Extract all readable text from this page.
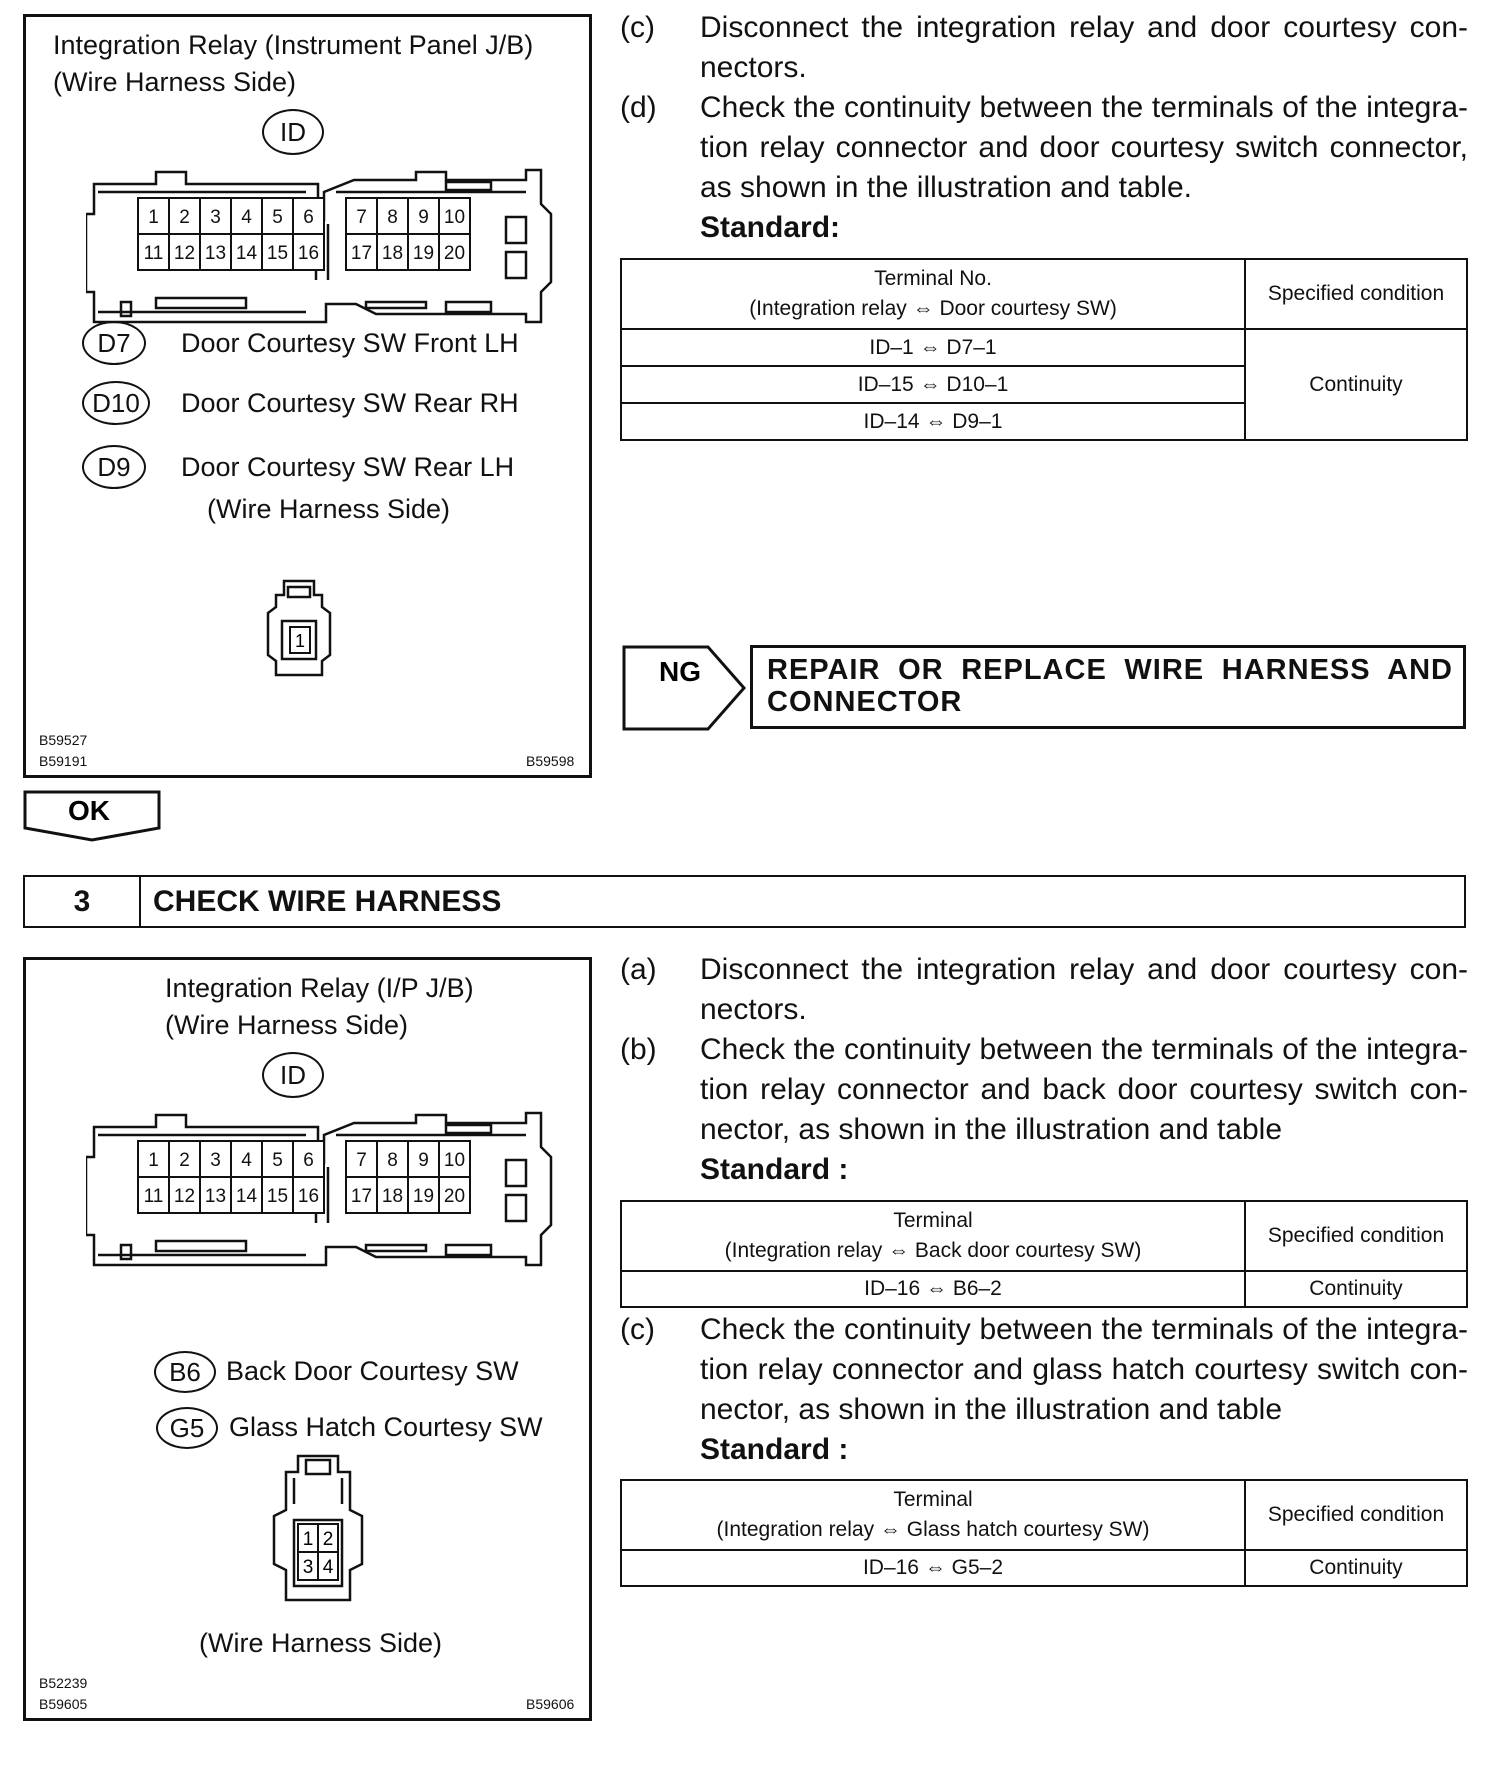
Integration Relay (Instrument Panel J/B)
(Wire Harness Side)
ID
1 2 3 4 5 6 7 8 9 10
11 12 13 14 15 16 17 18 19 20
D7	Door Courtesy SW Front LH
D10	Door Courtesy SW Rear RH
D9	Door Courtesy SW Rear LH
(Wire Harness Side)
1
B59527
B59191	B59598
(c) Disconnect the integration relay and door courtesy connectors.
(d) Check the continuity between the terminals of the integration relay connector and door courtesy switch connector, as shown in the illustration and table.
Standard:
Terminal No.
(Integration relay ⇔ Door courtesy SW)	Specified condition
ID–1 ⇔ D7–1	Continuity
ID–15 ⇔ D10–1	
ID–14 ⇔ D9–1	
NG REPAIR OR REPLACE WIRE HARNESS AND CONNECTOR
OK
3	CHECK WIRE HARNESS
Integration Relay (I/P J/B)
(Wire Harness Side)
ID
1 2 3 4 5 6 7 8 9 10
11 12 13 14 15 16 17 18 19 20
B6 Back Door Courtesy SW
G5 Glass Hatch Courtesy SW
1 2
3 4
(Wire Harness Side)
B52239
B59605	B59606
(a) Disconnect the integration relay and door courtesy connectors.
(b) Check the continuity between the terminals of the integration relay connector and back door courtesy switch connector, as shown in the illustration and table
Standard :
Terminal
(Integration relay ⇔ Back door courtesy SW)	Specified condition
ID–16 ⇔ B6–2	Continuity
(c) Check the continuity between the terminals of the integration relay connector and glass hatch courtesy switch connector, as shown in the illustration and table
Standard :
Terminal
(Integration relay ⇔ Glass hatch courtesy SW)	Specified condition
ID–16 ⇔ G5–2	Continuity
